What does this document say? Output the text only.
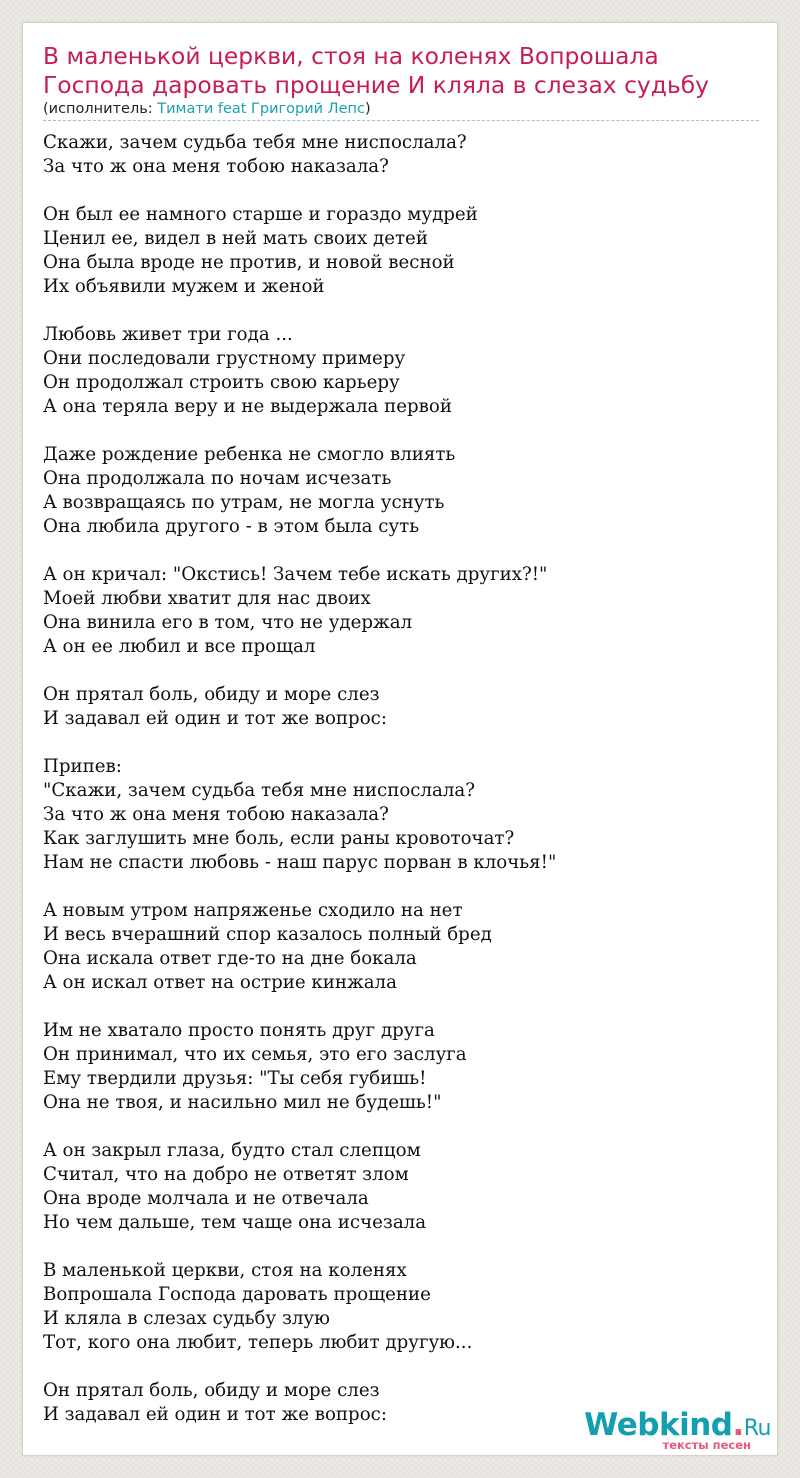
В маленькой церкви, стоя на коленях Вопрошала Господа даровать прощение И кляла в слезах судьбу
(исполнитель: Тимати feat Григорий Лепс)
Скажи, зачем судьба тебя мне ниспослала?
За что ж она меня тобою наказала?
Он был ее намного старше и гораздо мудрей
Ценил ее, видел в ней мать своих детей
Она была вроде не против, и новой весной
Их объявили мужем и женой
Любовь живет три года ...
Они последовали грустному примеру
Он продолжал строить свою карьеру
А она теряла веру и не выдержала первой
Даже рождение ребенка не смогло влиять
Она продолжала по ночам исчезать
А возвращаясь по утрам, не могла уснуть
Она любила другого - в этом была суть
А он кричал: "Окстись! Зачем тебе искать других?!"
Моей любви хватит для нас двоих
Она винила его в том, что не удержал
А он ее любил и все прощал
Он прятал боль, обиду и море слез
И задавал ей один и тот же вопрос:
Припев:
"Скажи, зачем судьба тебя мне ниспослала?
За что ж она меня тобою наказала?
Как заглушить мне боль, если раны кровоточат?
Нам не спасти любовь - наш парус порван в клочья!"
А новым утром напряженье сходило на нет
И весь вчерашний спор казалось полный бред
Она искала ответ где-то на дне бокала
А он искал ответ на острие кинжала
Им не хватало просто понять друг друга
Он принимал, что их семья, это его заслуга
Ему твердили друзья: "Ты себя губишь!
Она не твоя, и насильно мил не будешь!"
А он закрыл глаза, будто стал слепцом
Считал, что на добро не ответят злом
Она вроде молчала и не отвечала
Но чем дальше, тем чаще она исчезала
В маленькой церкви, стоя на коленях
Вопрошала Господа даровать прощение
И кляла в слезах судьбу злую
Тот, кого она любит, теперь любит другую...
Он прятал боль, обиду и море слез
И задавал ей один и тот же вопрос:	Webkind.Ru
тексты песен
